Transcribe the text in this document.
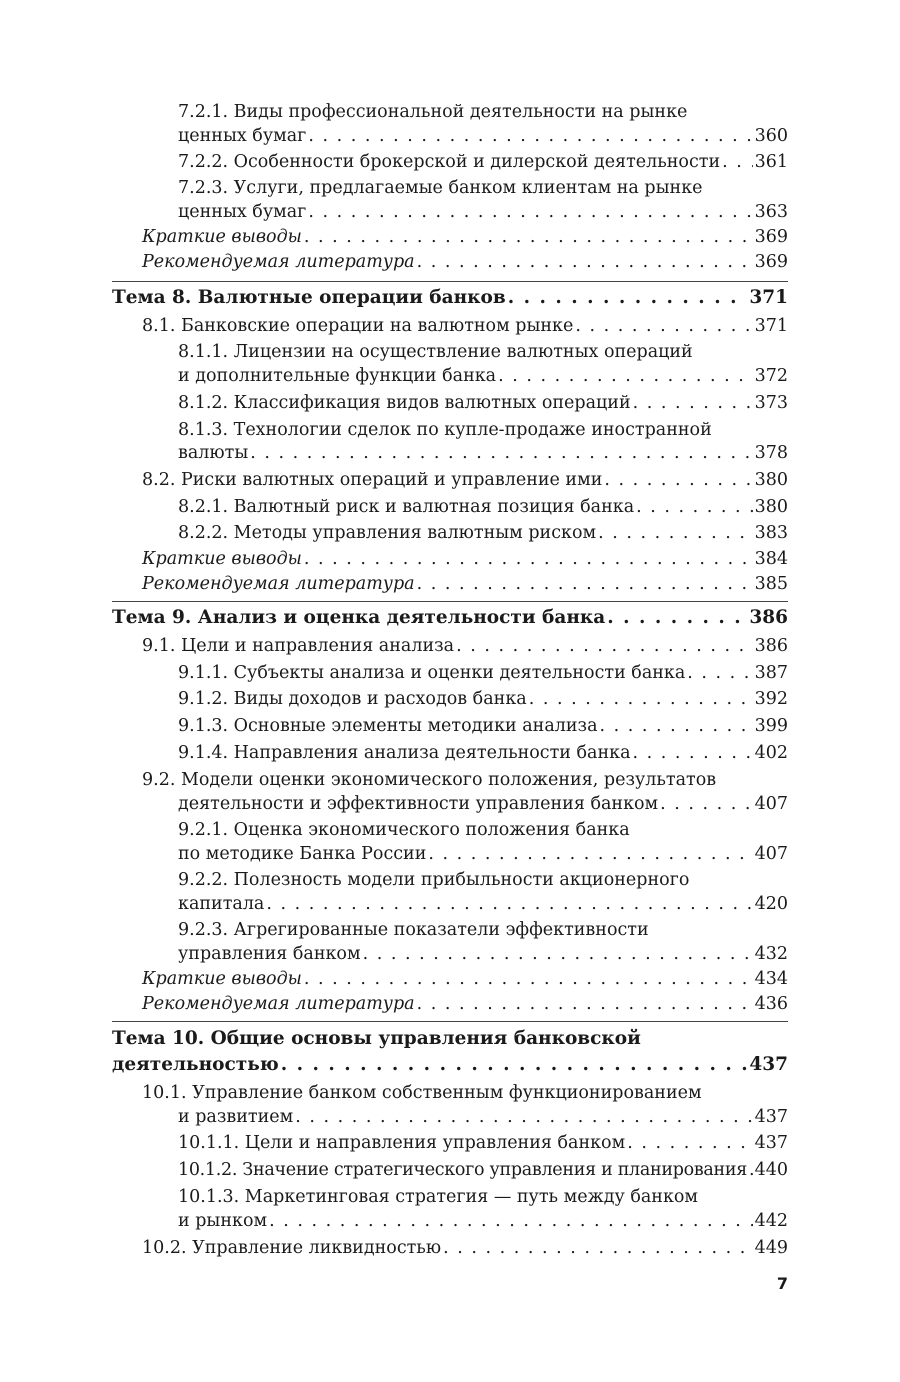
7.2.1. Виды профессиональной деятельности на рынке
ценных бумаг . . .	360
7.2.2. Особенности брокерской и дилерской деятельности . . . 361
7.2.3. Услуги, предлагаемые банком клиентам на рынке
ценных бумаг . . .	363
Краткие выводы . . .	369
Рекомендуемая литература . . .	369
Тема 8. Валютные операции банков . . .	371
8.1. Банковские операции на валютном рынке . . .	371
8.1.1. Лицензии на осуществление валютных операций
и дополнительные функции банка . . .	372
8.1.2. Классификация видов валютных операций . . .	373
8.1.3. Технологии сделок по купле-продаже иностранной
валюты . . .	378
8.2. Риски валютных операций и управление ими . . .	380
8.2.1. Валютный риск и валютная позиция банка . . .	380
8.2.2. Методы управления валютным риском . . .	383
Краткие выводы . . .	384
Рекомендуемая литература . . .	385
Тема 9. Анализ и оценка деятельности банка . . .	386
9.1. Цели и направления анализа . . .	386
9.1.1. Субъекты анализа и оценки деятельности банка . . .	387
9.1.2. Виды доходов и расходов банка . . .	392
9.1.3. Основные элементы методики анализа . . .	399
9.1.4. Направления анализа деятельности банка . . .	402
9.2. Модели оценки экономического положения, результатов
деятельности и эффективности управления банком . . .	407
9.2.1. Оценка экономического положения банка
по методике Банка России . . .	407
9.2.2. Полезность модели прибыльности акционерного
капитала . . .	420
9.2.3. Агрегированные показатели эффективности
управления банком . . .	432
Краткие выводы . . .	434
Рекомендуемая литература . . .	436
Тема 10. Общие основы управления банковской
деятельностью . . .	437
10.1. Управление банком собственным функционированием
и развитием . . .	437
10.1.1. Цели и направления управления банком . . .	437
10.1.2. Значение стратегического управления и планирования . . . 440
10.1.3. Маркетинговая стратегия — путь между банком
и рынком . . .	442
10.2. Управление ликвидностью . . .	449
7
